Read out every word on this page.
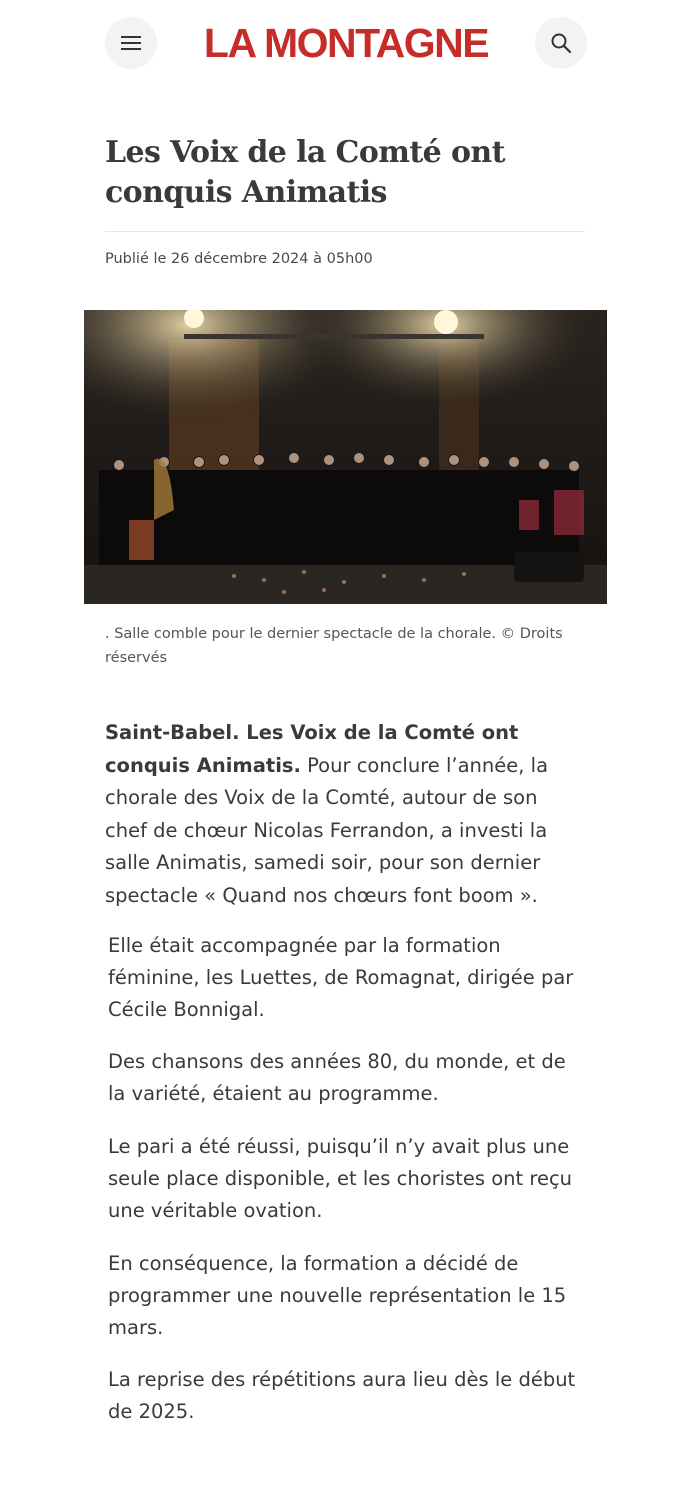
LA MONTAGNE
Les Voix de la Comté ont conquis Animatis
Publié le 26 décembre 2024 à 05h00
. Salle comble pour le dernier spectacle de la chorale. © Droits réservés

Saint-Babel. Les Voix de la Comté ont conquis Animatis. Pour conclure l’année, la chorale des Voix de la Comté, autour de son chef de chœur Nicolas Ferrandon, a investi la salle Animatis, samedi soir, pour son dernier spectacle « Quand nos chœurs font boom ».

Elle était accompagnée par la formation féminine, les Luettes, de Romagnat, dirigée par Cécile Bonnigal.

Des chansons des années 80, du monde, et de la variété, étaient au programme.

Le pari a été réussi, puisqu’il n’y avait plus une seule place disponible, et les choristes ont reçu une véritable ovation.

En conséquence, la formation a décidé de programmer une nouvelle représentation le 15 mars.

La reprise des répétitions aura lieu dès le début de 2025.
